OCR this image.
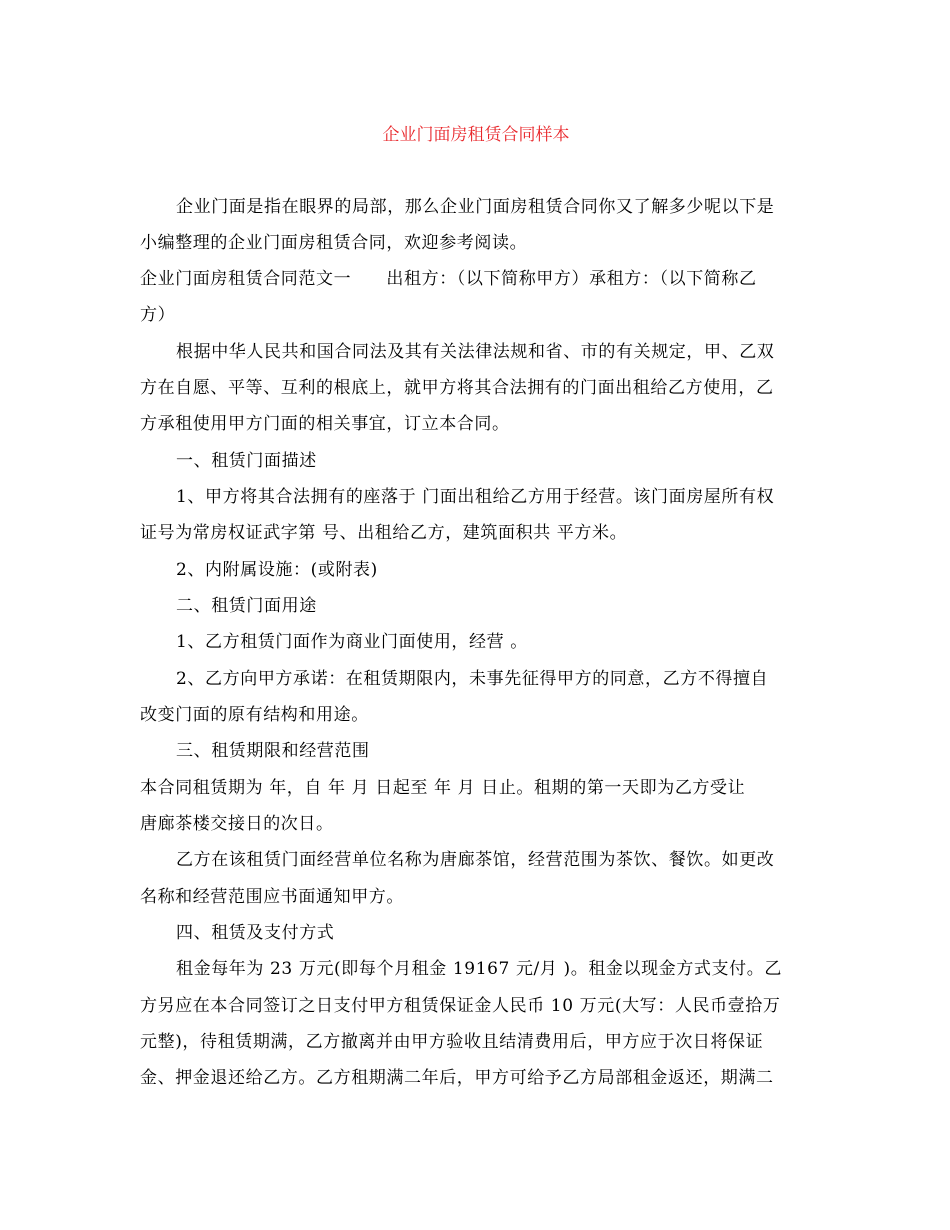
企业门面房租赁合同样本
企业门面是指在眼界的局部，那么企业门面房租赁合同你又了解多少呢以下是
小编整理的企业门面房租赁合同，欢迎参考阅读。
企业门面房租赁合同范文一　　出租方：（以下简称甲方）承租方：（以下简称乙
方）
根据中华人民共和国合同法及其有关法律法规和省、市的有关规定，甲、乙双
方在自愿、平等、互利的根底上，就甲方将其合法拥有的门面出租给乙方使用，乙
方承租使用甲方门面的相关事宜，订立本合同。
一、租赁门面描述
1、甲方将其合法拥有的座落于 门面出租给乙方用于经营。该门面房屋所有权
证号为常房权证武字第 号、出租给乙方，建筑面积共 平方米。
2、内附属设施：(或附表)
二、租赁门面用途
1、乙方租赁门面作为商业门面使用，经营 。
2、乙方向甲方承诺：在租赁期限内，未事先征得甲方的同意，乙方不得擅自
改变门面的原有结构和用途。
三、租赁期限和经营范围
本合同租赁期为 年，自 年 月 日起至 年 月 日止。租期的第一天即为乙方受让
唐廊茶楼交接日的次日。
乙方在该租赁门面经营单位名称为唐廊茶馆，经营范围为茶饮、餐饮。如更改
名称和经营范围应书面通知甲方。
四、租赁及支付方式
租金每年为 23 万元(即每个月租金 19167 元/月 )。租金以现金方式支付。乙
方另应在本合同签订之日支付甲方租赁保证金人民币 10 万元(大写：人民币壹拾万
元整)，待租赁期满，乙方撤离并由甲方验收且结清费用后，甲方应于次日将保证
金、押金退还给乙方。乙方租期满二年后，甲方可给予乙方局部租金返还，期满二
